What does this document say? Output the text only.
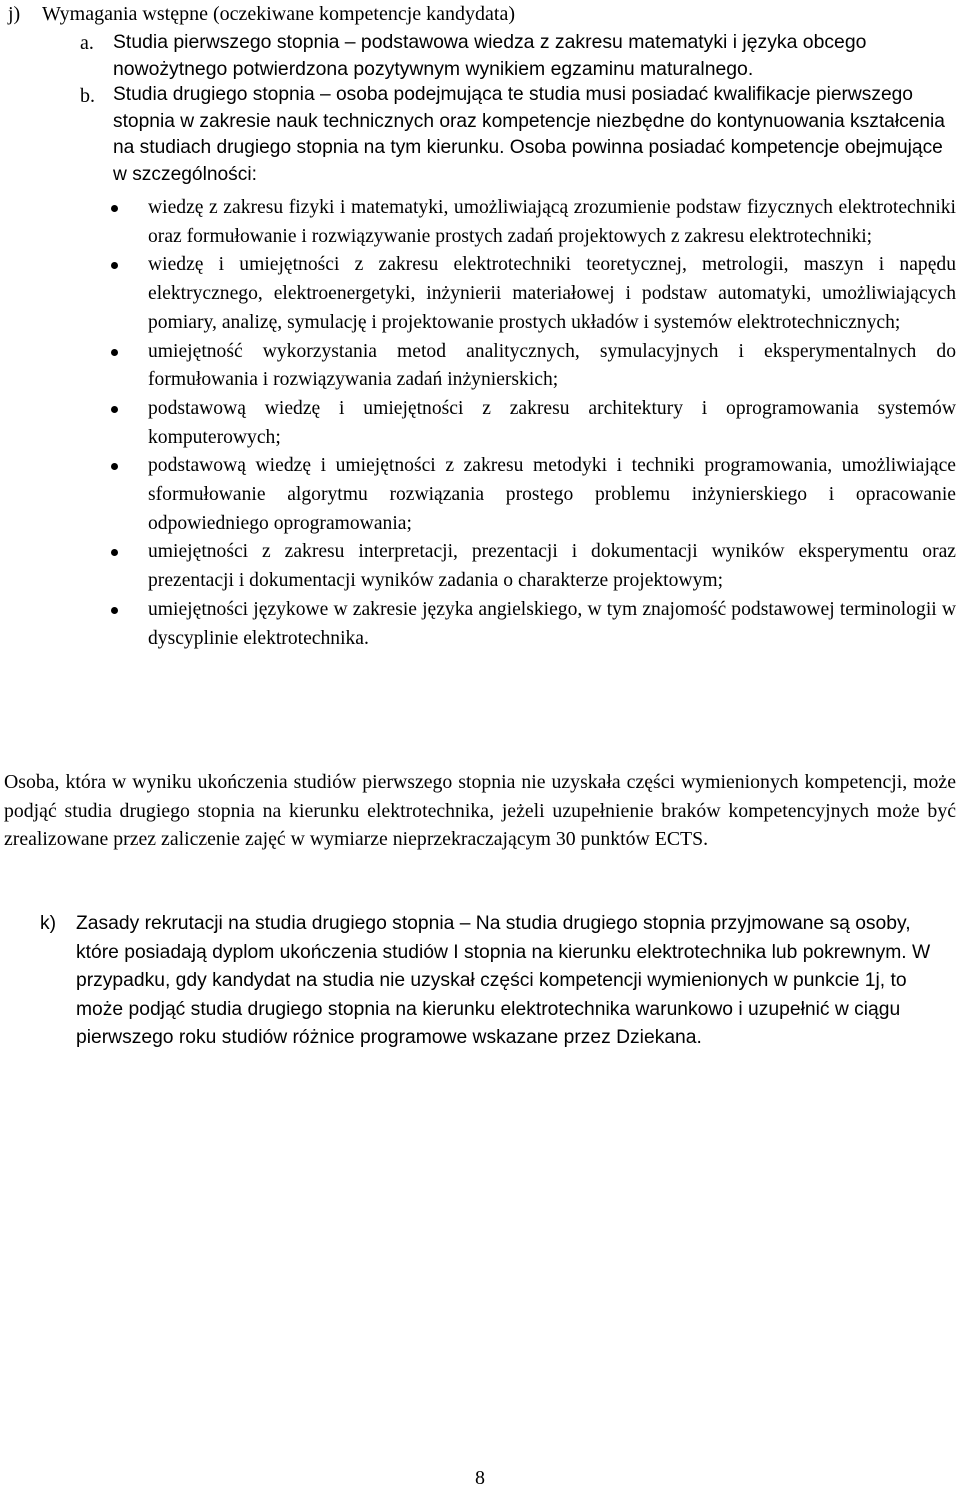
j) Wymagania wstępne (oczekiwane kompetencje kandydata)
a. Studia pierwszego stopnia – podstawowa wiedza z zakresu matematyki i języka obcego nowożytnego potwierdzona pozytywnym wynikiem egzaminu maturalnego.
b. Studia drugiego stopnia – osoba podejmująca te studia musi posiadać kwalifikacje pierwszego stopnia w zakresie nauk technicznych oraz kompetencje niezbędne do kontynuowania kształcenia na studiach drugiego stopnia na tym kierunku. Osoba powinna posiadać kompetencje obejmujące w szczególności:
wiedzę z zakresu fizyki i matematyki, umożliwiającą zrozumienie podstaw fizycznych elektrotechniki oraz formułowanie i rozwiązywanie prostych zadań projektowych z zakresu elektrotechniki;
wiedzę i umiejętności z zakresu elektrotechniki teoretycznej, metrologii, maszyn i napędu elektrycznego, elektroenergetyki, inżynierii materiałowej i podstaw automatyki, umożliwiających pomiary, analizę, symulację i projektowanie prostych układów i systemów elektrotechnicznych;
umiejętność wykorzystania metod analitycznych, symulacyjnych i eksperymentalnych do formułowania i rozwiązywania zadań inżynierskich;
podstawową wiedzę i umiejętności z zakresu architektury i oprogramowania systemów komputerowych;
podstawową wiedzę i umiejętności z zakresu metodyki i techniki programowania, umożliwiające sformułowanie algorytmu rozwiązania prostego problemu inżynierskiego i opracowanie odpowiedniego oprogramowania;
umiejętności z zakresu interpretacji, prezentacji i dokumentacji wyników eksperymentu oraz prezentacji i dokumentacji wyników zadania o charakterze projektowym;
umiejętności językowe w zakresie języka angielskiego, w tym znajomość podstawowej terminologii w dyscyplinie elektrotechnika.
Osoba, która w wyniku ukończenia studiów pierwszego stopnia nie uzyskała części wymienionych kompetencji, może podjąć studia drugiego stopnia na kierunku elektrotechnika, jeżeli uzupełnienie braków kompetencyjnych może być zrealizowane przez zaliczenie zajęć w wymiarze nieprzekraczającym 30 punktów ECTS.
k)	Zasady rekrutacji na studia drugiego stopnia – Na studia drugiego stopnia przyjmowane są osoby, które posiadają dyplom ukończenia studiów I stopnia na kierunku elektrotechnika lub pokrewnym. W przypadku, gdy kandydat na studia nie uzyskał części kompetencji wymienionych w punkcie 1j, to może podjąć studia drugiego stopnia na kierunku elektrotechnika warunkowo i uzupełnić w ciągu pierwszego roku studiów różnice programowe wskazane przez Dziekana.
8
